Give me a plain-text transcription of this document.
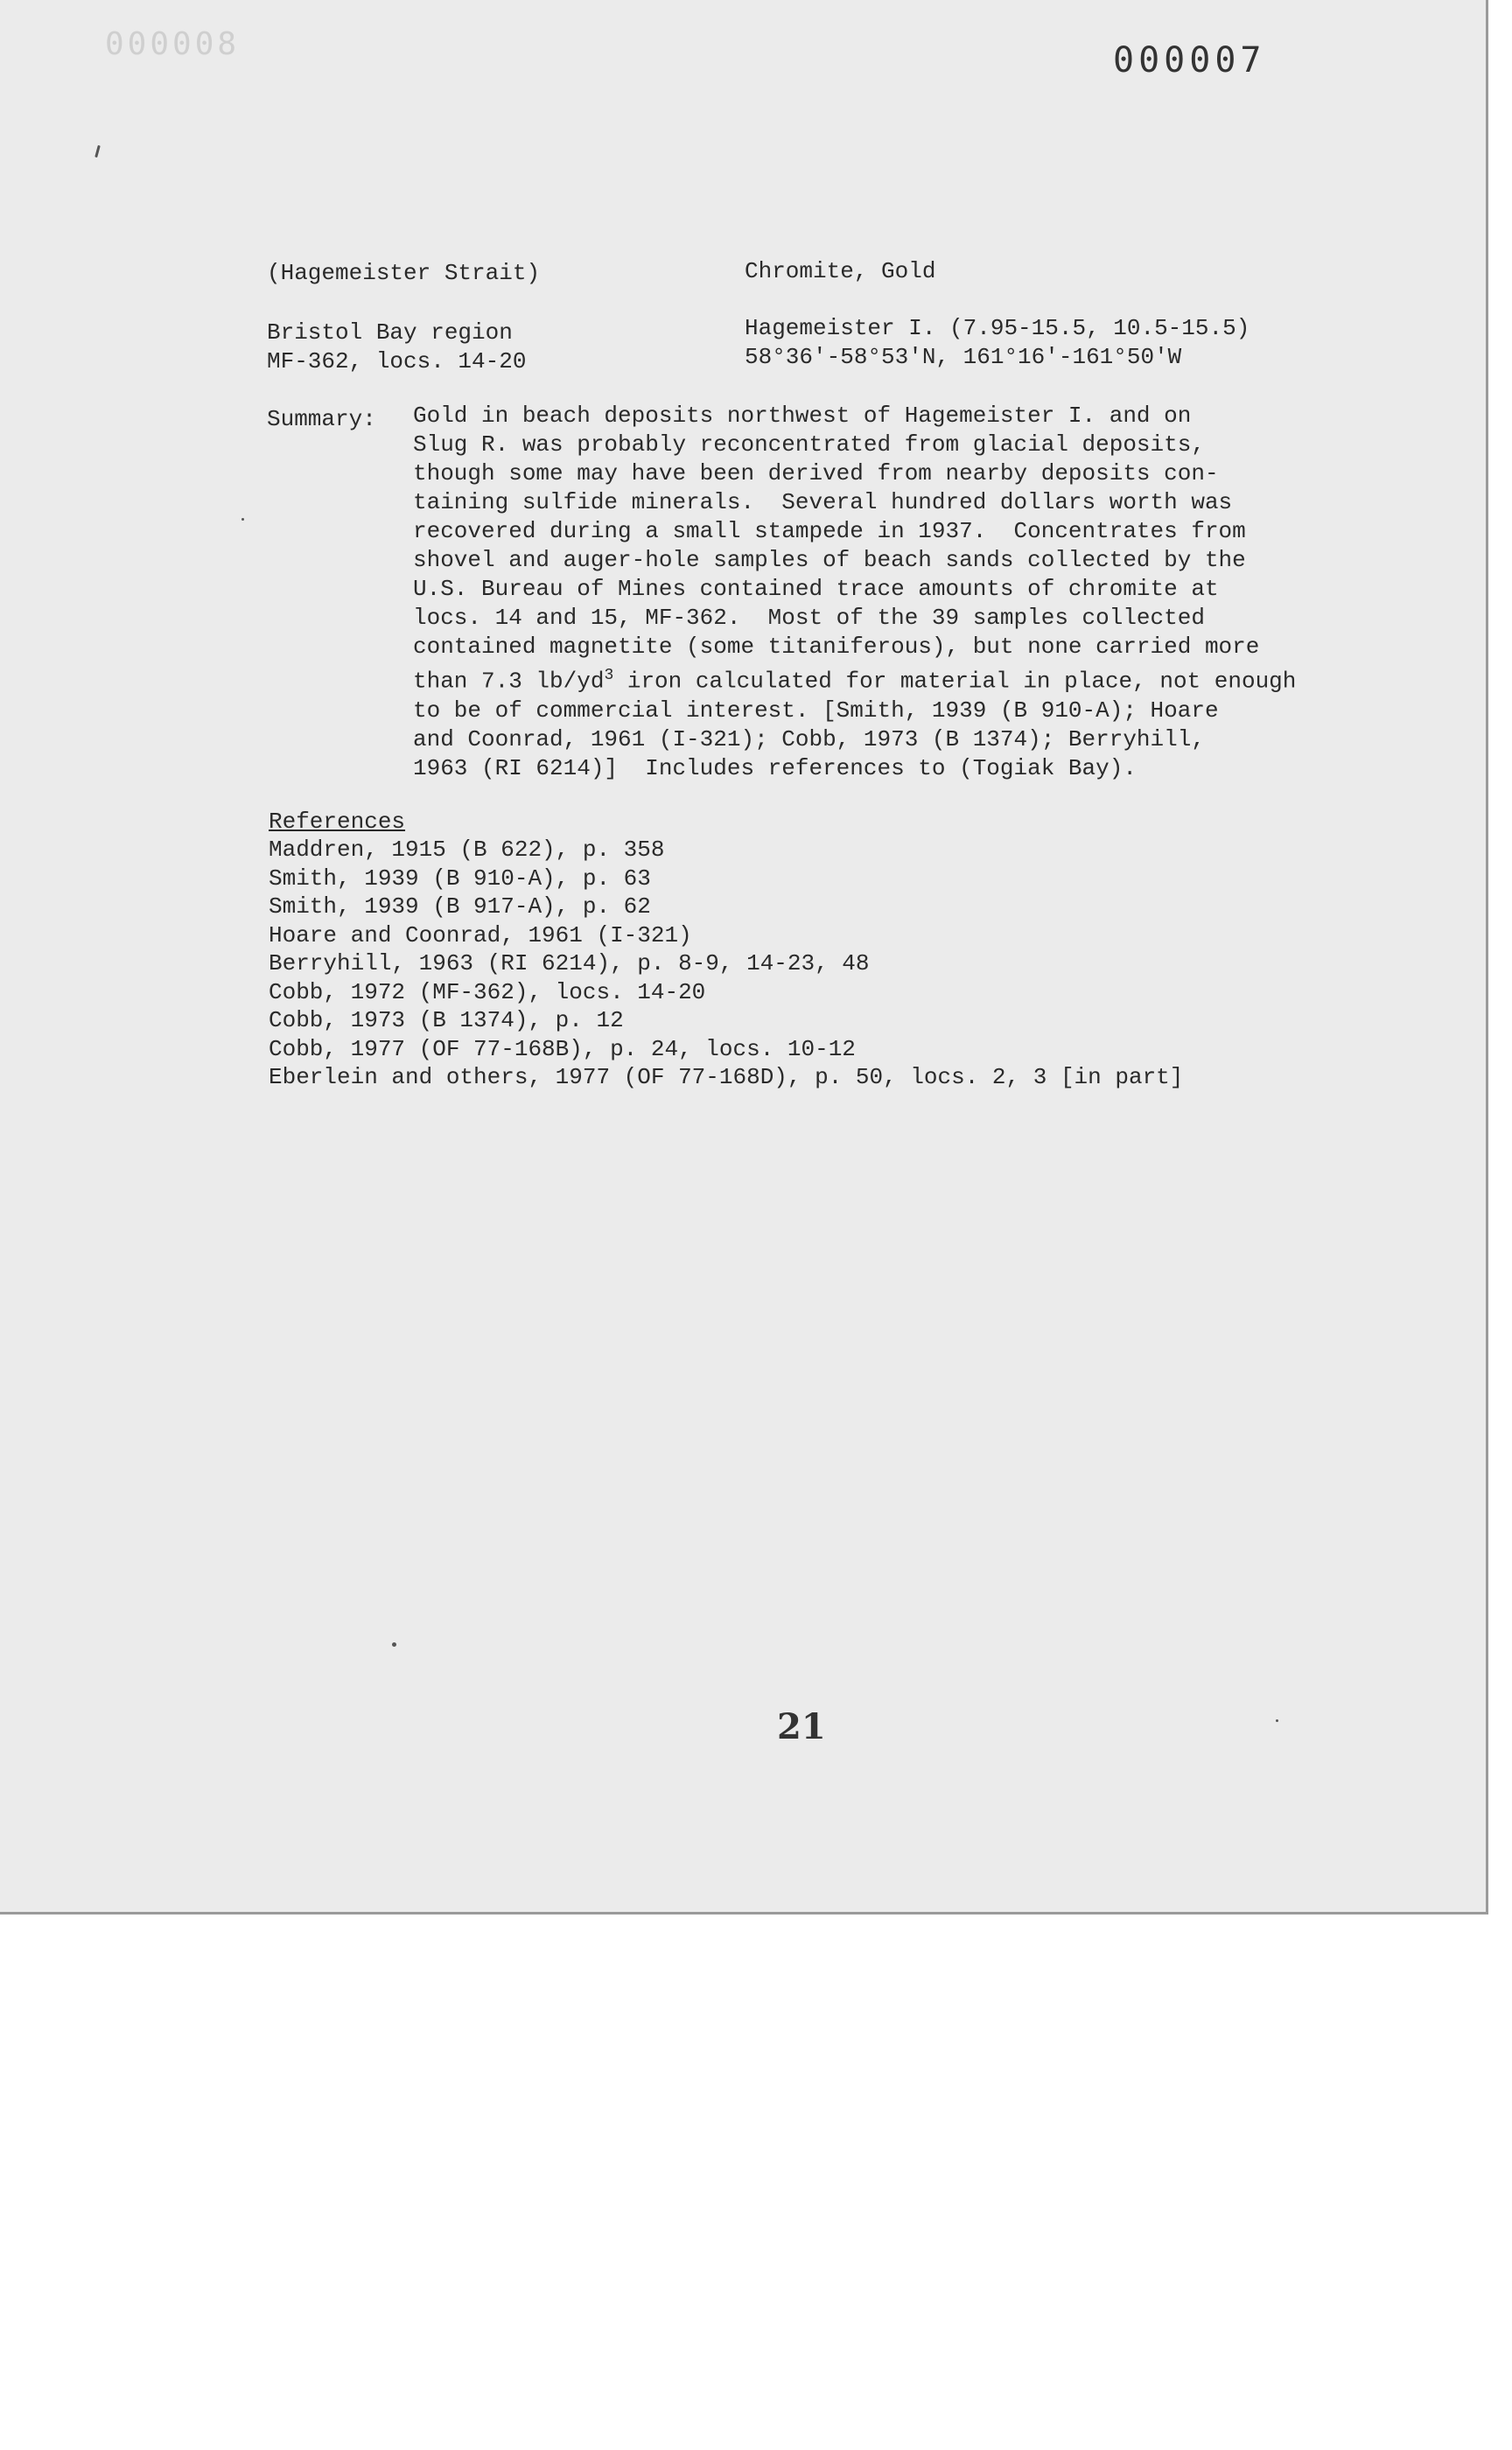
000008	000007
(Hagemeister Strait)	Chromite, Gold
Bristol Bay region
MF-362, locs. 14-20
Hagemeister I. (7.95-15.5, 10.5-15.5)
58°36'-58°53'N, 161°16'-161°50'W
Summary: Gold in beach deposits northwest of Hagemeister I. and on
Slug R. was probably reconcentrated from glacial deposits,
though some may have been derived from nearby deposits con-
taining sulfide minerals.  Several hundred dollars worth was
recovered during a small stampede in 1937.  Concentrates from
shovel and auger-hole samples of beach sands collected by the
U.S. Bureau of Mines contained trace amounts of chromite at
locs. 14 and 15, MF-362.  Most of the 39 samples collected
contained magnetite (some titaniferous), but none carried more
than 7.3 $lb/yd^3$ iron calculated for material in place, not enough
to be of commercial interest. [Smith, 1939 (B 910-A); Hoare
and Coonrad, 1961 (I-321); Cobb, 1973 (B 1374); Berryhill,
1963 (RI 6214)]  Includes references to (Togiak Bay).
References
Maddren, 1915 (B 622), p. 358
Smith, 1939 (B 910-A), p. 63
Smith, 1939 (B 917-A), p. 62
Hoare and Coonrad, 1961 (I-321)
Berryhill, 1963 (RI 6214), p. 8-9, 14-23, 48
Cobb, 1972 (MF-362), locs. 14-20
Cobb, 1973 (B 1374), p. 12
Cobb, 1977 (OF 77-168B), p. 24, locs. 10-12
Eberlein and others, 1977 (OF 77-168D), p. 50, locs. 2, 3 [in part]
21
